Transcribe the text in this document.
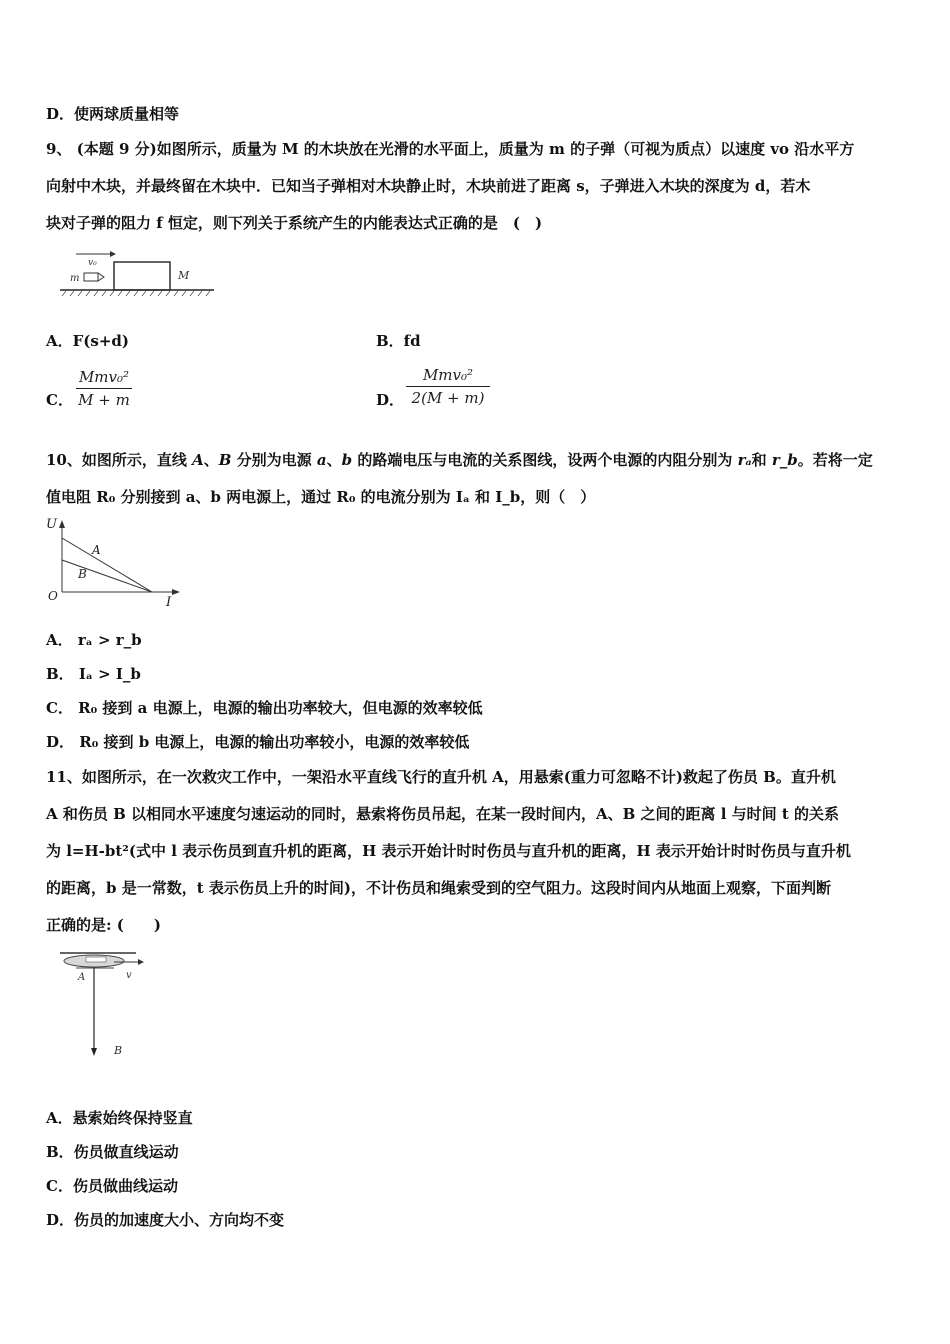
D．使两球质量相等
9、 (本题 9 分)如图所示，质量为 M 的木块放在光滑的水平面上，质量为 m 的子弹（可视为质点）以速度 vo 沿水平方
向射中木块，并最终留在木块中．已知当子弹相对木块静止时，木块前进了距离 s，子弹进入木块的深度为 d，若木
块对子弹的阻力 f 恒定，则下列关于系统产生的内能表达式正确的是　(　)
v₀
m	M
A．F(s+d)	B．fd
C．
Mmv₀²
M + m	D．
Mmv₀²
2(M + m)
10、如图所示，直线 A、B 分别为电源 a、b 的路端电压与电流的关系图线，设两个电源的内阻分别为 rₐ和 r_b。若将一定
值电阻 R₀ 分别接到 a、b 两电源上，通过 R₀ 的电流分别为 Iₐ 和 I_b，则（　）
U
I
O
A
B
A． rₐ > r_b
B． Iₐ > I_b
C． R₀ 接到 a 电源上，电源的输出功率较大，但电源的效率较低
D． R₀ 接到 b 电源上，电源的输出功率较小，电源的效率较低
11、如图所示，在一次救灾工作中，一架沿水平直线飞行的直升机 A，用悬索(重力可忽略不计)救起了伤员 B。直升机
A 和伤员 B 以相同水平速度匀速运动的同时，悬索将伤员吊起，在某一段时间内，A、B 之间的距离 l 与时间 t 的关系
为 l=H-bt²(式中 l 表示伤员到直升机的距离，H 表示开始计时时伤员与直升机的距离，H 表示开始计时时伤员与直升机
的距离，b 是一常数，t 表示伤员上升的时间)，不计伤员和绳索受到的空气阻力。这段时间内从地面上观察，下面判断
正确的是: (　　)
A	v
B
A．悬索始终保持竖直
B．伤员做直线运动
C．伤员做曲线运动
D．伤员的加速度大小、方向均不变
